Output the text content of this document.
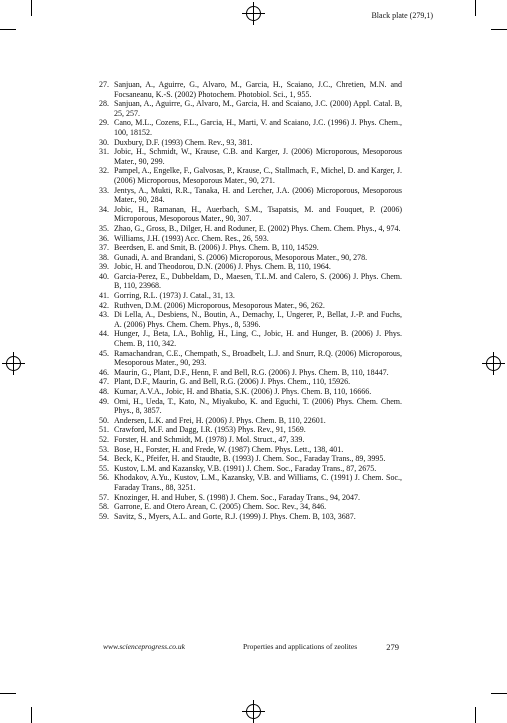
Black plate (279,1)
27. Sanjuan, A., Aguirre, G., Alvaro, M., Garcia, H., Scaiano, J.C., Chretien, M.N. and Focsaneanu, K.-S. (2002) Photochem. Photobiol. Sci., 1, 955.
28. Sanjuan, A., Aguirre, G., Alvaro, M., Garcia, H. and Scaiano, J.C. (2000) Appl. Catal. B, 25, 257.
29. Cano, M.L., Cozens, F.L., Garcia, H., Marti, V. and Scaiano, J.C. (1996) J. Phys. Chem., 100, 18152.
30. Duxbury, D.F. (1993) Chem. Rev., 93, 381.
31. Jobic, H., Schmidt, W., Krause, C.B. and Karger, J. (2006) Microporous, Mesoporous Mater., 90, 299.
32. Pampel, A., Engelke, F., Galvosas, P., Krause, C., Stallmach, F., Michel, D. and Karger, J. (2006) Microporous, Mesoporous Mater., 90, 271.
33. Jentys, A., Mukti, R.R., Tanaka, H. and Lercher, J.A. (2006) Microporous, Mesoporous Mater., 90, 284.
34. Jobic, H., Ramanan, H., Auerbach, S.M., Tsapatsis, M. and Fouquet, P. (2006) Microporous, Mesoporous Mater., 90, 307.
35. Zhao, G., Gross, B., Dilger, H. and Roduner, E. (2002) Phys. Chem. Chem. Phys., 4, 974.
36. Williams, J.H. (1993) Acc. Chem. Res., 26, 593.
37. Beerdsen, E. and Smit, B. (2006) J. Phys. Chem. B, 110, 14529.
38. Gunadi, A. and Brandani, S. (2006) Microporous, Mesoporous Mater., 90, 278.
39. Jobic, H. and Theodorou, D.N. (2006) J. Phys. Chem. B, 110, 1964.
40. Garcia-Perez, E., Dubbeldam, D., Maesen, T.L.M. and Calero, S. (2006) J. Phys. Chem. B, 110, 23968.
41. Gorring, R.L. (1973) J. Catal., 31, 13.
42. Ruthven, D.M. (2006) Microporous, Mesoporous Mater., 96, 262.
43. Di Lella, A., Desbiens, N., Boutin, A., Demachy, I., Ungerer, P., Bellat, J.-P. and Fuchs, A. (2006) Phys. Chem. Chem. Phys., 8, 5396.
44. Hunger, J., Beta, I.A., Bohlig, H., Ling, C., Jobic, H. and Hunger, B. (2006) J. Phys. Chem. B, 110, 342.
45. Ramachandran, C.E., Chempath, S., Broadbelt, L.J. and Snurr, R.Q. (2006) Microporous, Mesoporous Mater., 90, 293.
46. Maurin, G., Plant, D.F., Henn, F. and Bell, R.G. (2006) J. Phys. Chem. B, 110, 18447.
47. Plant, D.F., Maurin, G. and Bell, R.G. (2006) J. Phys. Chem., 110, 15926.
48. Kumar, A.V.A., Jobic, H. and Bhatia, S.K. (2006) J. Phys. Chem. B, 110, 16666.
49. Omi, H., Ueda, T., Kato, N., Miyakubo, K. and Eguchi, T. (2006) Phys. Chem. Chem. Phys., 8, 3857.
50. Andersen, L.K. and Frei, H. (2006) J. Phys. Chem. B, 110, 22601.
51. Crawford, M.F. and Dagg, I.R. (1953) Phys. Rev., 91, 1569.
52. Forster, H. and Schmidt, M. (1978) J. Mol. Struct., 47, 339.
53. Bose, H., Forster, H. and Frede, W. (1987) Chem. Phys. Lett., 138, 401.
54. Beck, K., Pfeifer, H. and Staudte, B. (1993) J. Chem. Soc., Faraday Trans., 89, 3995.
55. Kustov, L.M. and Kazansky, V.B. (1991) J. Chem. Soc., Faraday Trans., 87, 2675.
56. Khodakov, A.Yu., Kustov, L.M., Kazansky, V.B. and Williams, C. (1991) J. Chem. Soc., Faraday Trans., 88, 3251.
57. Knozinger, H. and Huber, S. (1998) J. Chem. Soc., Faraday Trans., 94, 2047.
58. Garrone, E. and Otero Arean, C. (2005) Chem. Soc. Rev., 34, 846.
59. Savitz, S., Myers, A.L. and Gorte, R.J. (1999) J. Phys. Chem. B, 103, 3687.
www.scienceprogress.co.uk	Properties and applications of zeolites	279
